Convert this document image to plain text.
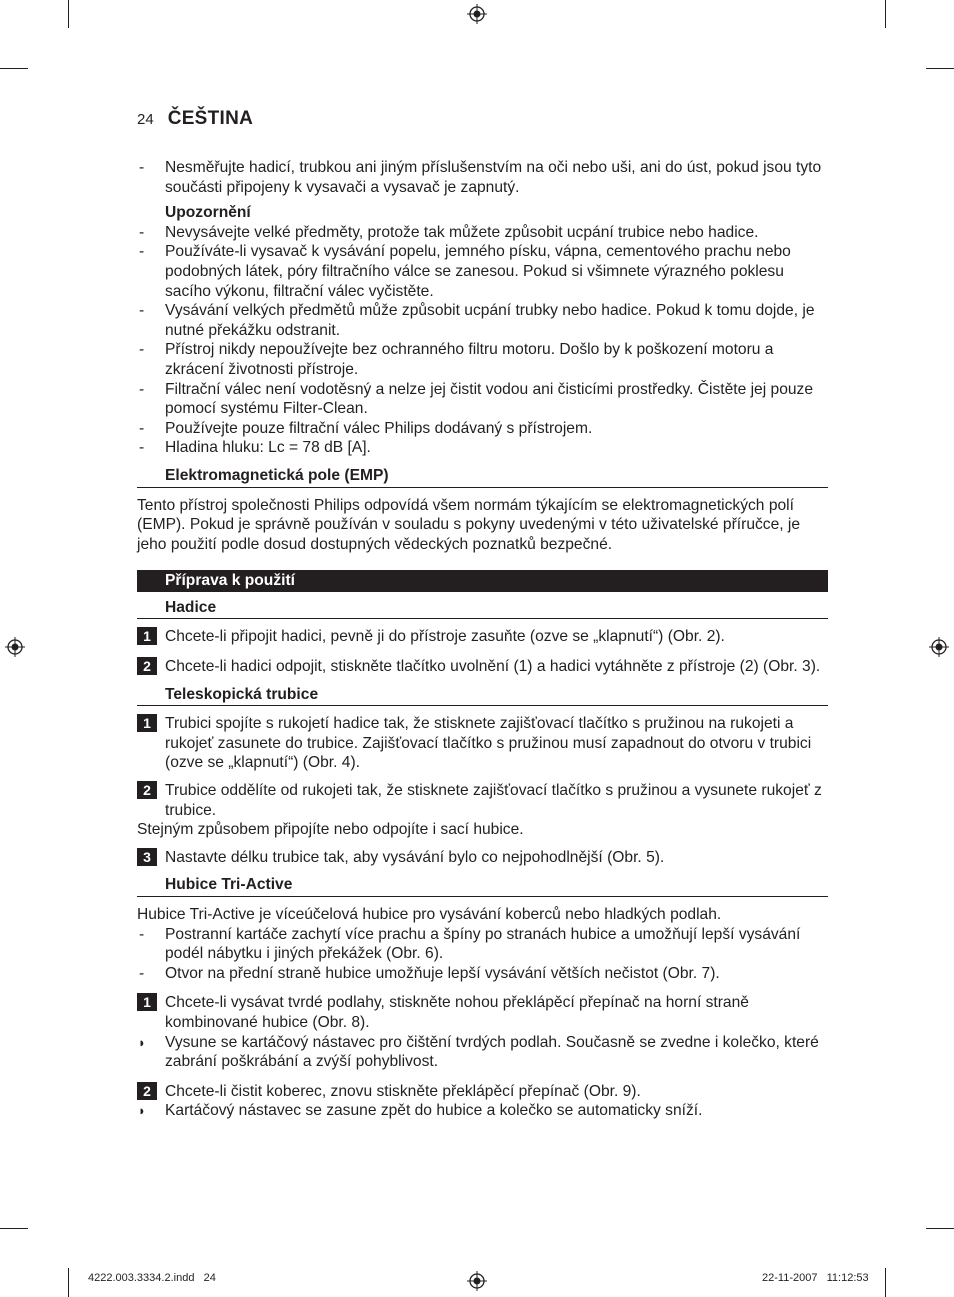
24 ČEŠTINA
- Nesměřujte hadicí, trubkou ani jiným příslušenstvím na oči nebo uši, ani do úst, pokud jsou tyto součásti připojeny k vysavači a vysavač je zapnutý.
Upozornění
- Nevysávejte velké předměty, protože tak můžete způsobit ucpání trubice nebo hadice.
- Používáte-li vysavač k vysávání popelu, jemného písku, vápna, cementového prachu nebo podobných látek, póry filtračního válce se zanesou. Pokud si všimnete výrazného poklesu sacího výkonu, filtrační válec vyčistěte.
- Vysávání velkých předmětů může způsobit ucpání trubky nebo hadice. Pokud k tomu dojde, je nutné překážku odstranit.
- Přístroj nikdy nepoužívejte bez ochranného filtru motoru. Došlo by k poškození motoru a zkrácení životnosti přístroje.
- Filtrační válec není vodotěsný a nelze jej čistit vodou ani čisticími prostředky. Čistěte jej pouze pomocí systému Filter-Clean.
- Používejte pouze filtrační válec Philips dodávaný s přístrojem.
- Hladina hluku: Lc = 78 dB [A].
Elektromagnetická pole (EMP)
Tento přístroj společnosti Philips odpovídá všem normám týkajícím se elektromagnetických polí (EMP). Pokud je správně používán v souladu s pokyny uvedenými v této uživatelské příručce, je jeho použití podle dosud dostupných vědeckých poznatků bezpečné.
Příprava k použití
Hadice
1 Chcete-li připojit hadici, pevně ji do přístroje zasuňte (ozve se „klapnutí“) (Obr. 2).
2 Chcete-li hadici odpojit, stiskněte tlačítko uvolnění (1) a hadici vytáhněte z přístroje (2) (Obr. 3).
Teleskopická trubice
1 Trubici spojíte s rukojetí hadice tak, že stisknete zajišťovací tlačítko s pružinou na rukojeti a rukojeť zasunete do trubice. Zajišťovací tlačítko s pružinou musí zapadnout do otvoru v trubici (ozve se „klapnutí“) (Obr. 4).
2 Trubice oddělíte od rukojeti tak, že stisknete zajišťovací tlačítko s pružinou a vysunete rukojeť z trubice.
Stejným způsobem připojíte nebo odpojíte i sací hubice.
3 Nastavte délku trubice tak, aby vysávání bylo co nejpohodlnější (Obr. 5).
Hubice Tri-Active
Hubice Tri-Active je víceúčelová hubice pro vysávání koberců nebo hladkých podlah.
- Postranní kartáče zachytí více prachu a špíny po stranách hubice a umožňují lepší vysávání podél nábytku i jiných překážek (Obr. 6).
- Otvor na přední straně hubice umožňuje lepší vysávání větších nečistot (Obr. 7).
1 Chcete-li vysávat tvrdé podlahy, stiskněte nohou překlápěcí přepínač na horní straně kombinované hubice (Obr. 8).
◗ Vysune se kartáčový nástavec pro čištění tvrdých podlah. Současně se zvedne i kolečko, které zabrání poškrábání a zvýší pohyblivost.
2 Chcete-li čistit koberec, znovu stiskněte překlápěcí přepínač (Obr. 9).
◗ Kartáčový nástavec se zasune zpět do hubice a kolečko se automaticky sníží.
4222.003.3334.2.indd   24	22-11-2007   11:12:53
